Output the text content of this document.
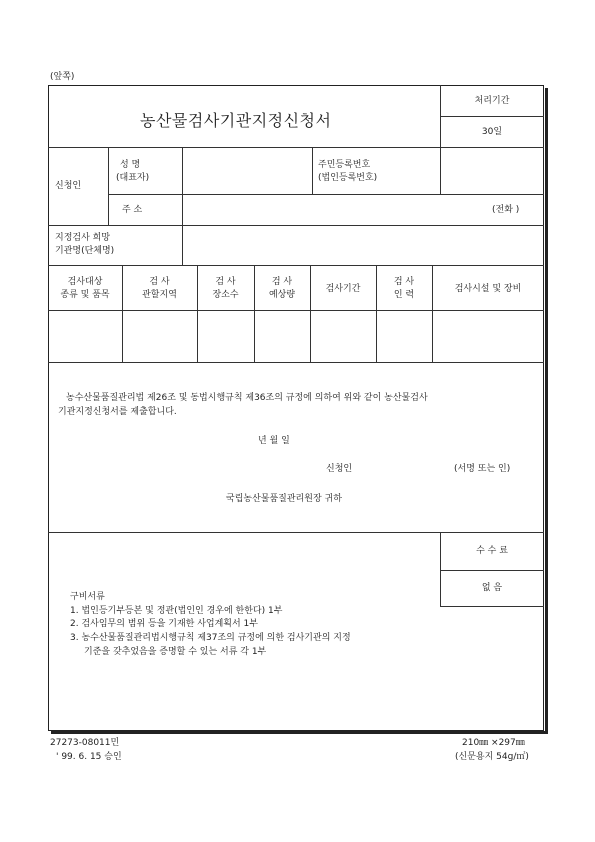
(앞쪽)
농산물검사기관지정신청서
처리기간
30일
신청인
성 명
(대표자)
주민등록번호
(법인등록번호)
주 소	(전화 )
지정검사 희망
기관명(단체명)
검사대상
종류 및 품목
검 사
관할지역
검 사
장소수
검 사
예상량
검사기간
검 사
인 력
검사시설 및 장비
농수산물품질관리법 제26조 및 동법시행규칙 제36조의 규정에 의하여 위와 같이 농산물검사
기관지정신청서를 제출합니다.
년 월 일
신청인	(서명 또는 인)
국립농산물품질관리원장 귀하
수 수 료
없 음
구비서류
1. 법인등기부등본 및 정관(법인인 경우에 한한다) 1부
2. 검사임무의 범위 등을 기재한 사업계획서 1부
3. 농수산물품질관리법시행규칙 제37조의 규정에 의한 검사기관의 지정
기준을 갖추었음을 증명할 수 있는 서류 각 1부
27273-08011민
' 99. 6. 15 승인
210㎜ ×297㎜
(신문용지 54g/㎡)
